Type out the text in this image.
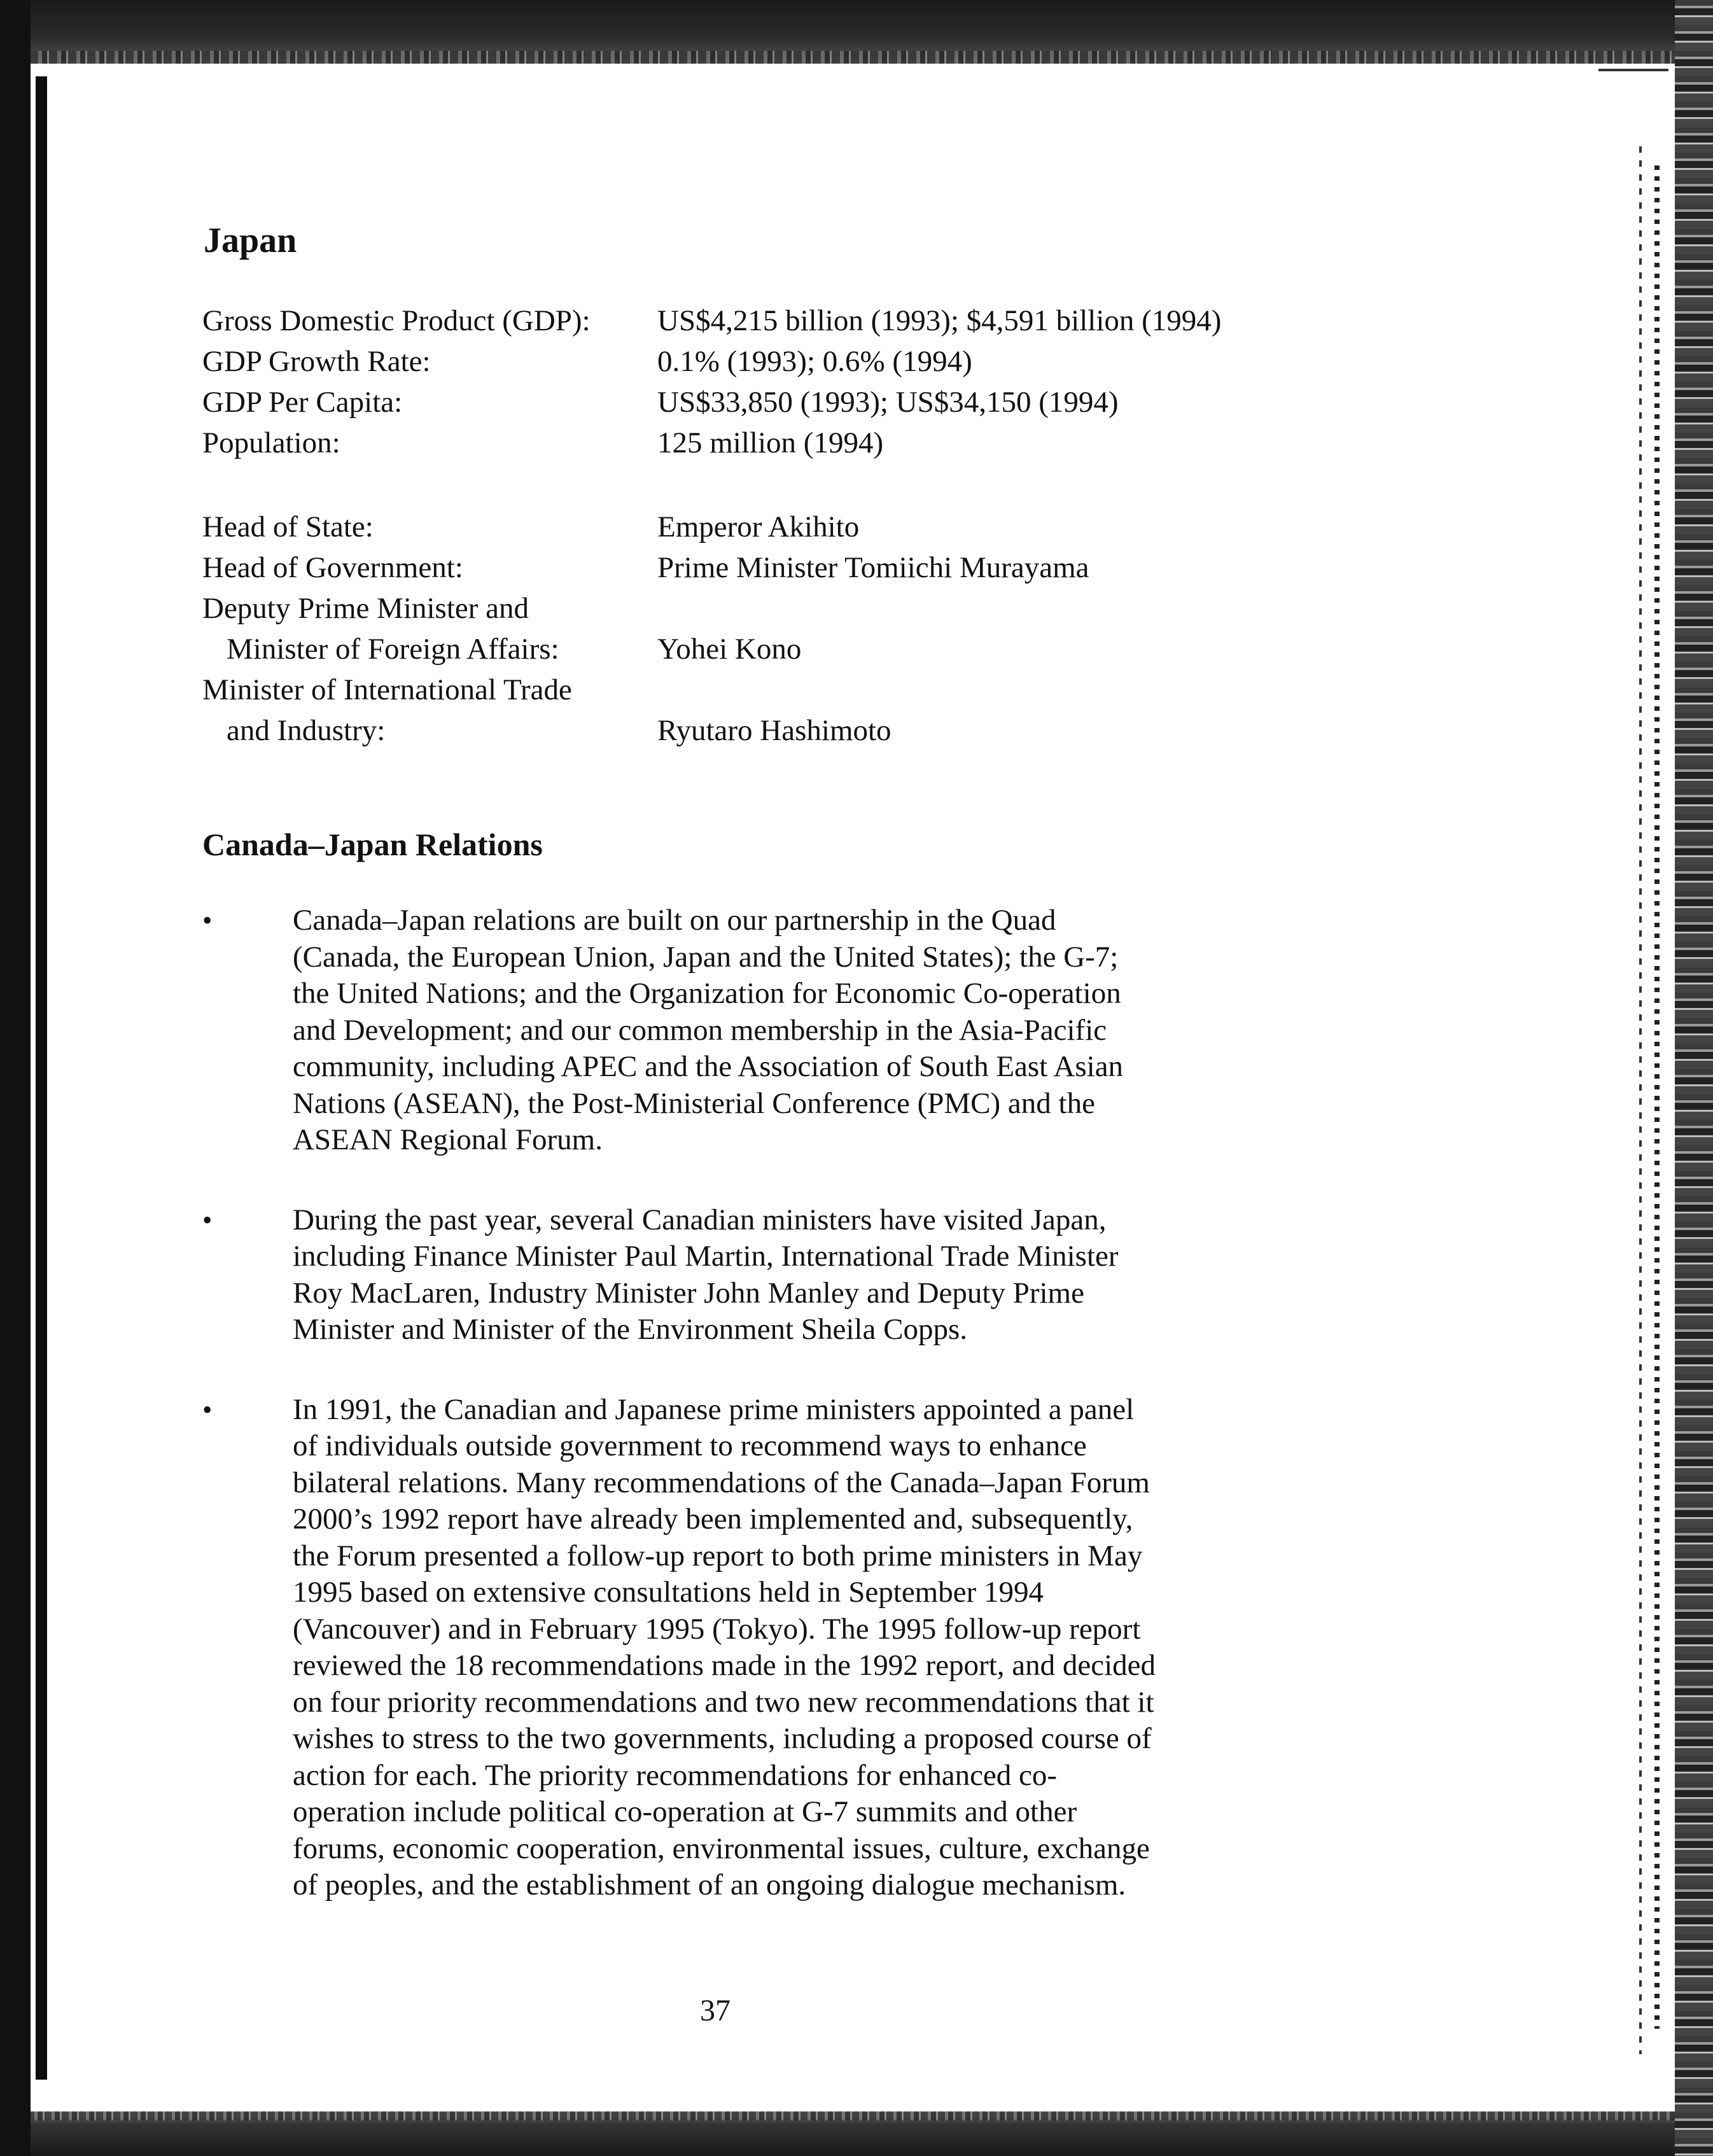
Japan
Gross Domestic Product (GDP):	US$4,215 billion (1993); $4,591 billion (1994)
GDP Growth Rate:	0.1% (1993); 0.6% (1994)
GDP Per Capita:	US$33,850 (1993); US$34,150 (1994)
Population:	125 million (1994)
Head of State:	Emperor Akihito
Head of Government:	Prime Minister Tomiichi Murayama
Deputy Prime Minister and
Minister of Foreign Affairs:	Yohei Kono
Minister of International Trade
and Industry:	Ryutaro Hashimoto
Canada–Japan Relations
•	Canada–Japan relations are built on our partnership in the Quad
(Canada, the European Union, Japan and the United States); the G-7;
the United Nations; and the Organization for Economic Co-operation
and Development; and our common membership in the Asia-Pacific
community, including APEC and the Association of South East Asian
Nations (ASEAN), the Post-Ministerial Conference (PMC) and the
ASEAN Regional Forum.
•	During the past year, several Canadian ministers have visited Japan,
including Finance Minister Paul Martin, International Trade Minister
Roy MacLaren, Industry Minister John Manley and Deputy Prime
Minister and Minister of the Environment Sheila Copps.
•	In 1991, the Canadian and Japanese prime ministers appointed a panel
of individuals outside government to recommend ways to enhance
bilateral relations. Many recommendations of the Canada–Japan Forum
2000’s 1992 report have already been implemented and, subsequently,
the Forum presented a follow-up report to both prime ministers in May
1995 based on extensive consultations held in September 1994
(Vancouver) and in February 1995 (Tokyo). The 1995 follow-up report
reviewed the 18 recommendations made in the 1992 report, and decided
on four priority recommendations and two new recommendations that it
wishes to stress to the two governments, including a proposed course of
action for each. The priority recommendations for enhanced co-
operation include political co-operation at G-7 summits and other
forums, economic cooperation, environmental issues, culture, exchange
of peoples, and the establishment of an ongoing dialogue mechanism.
37
